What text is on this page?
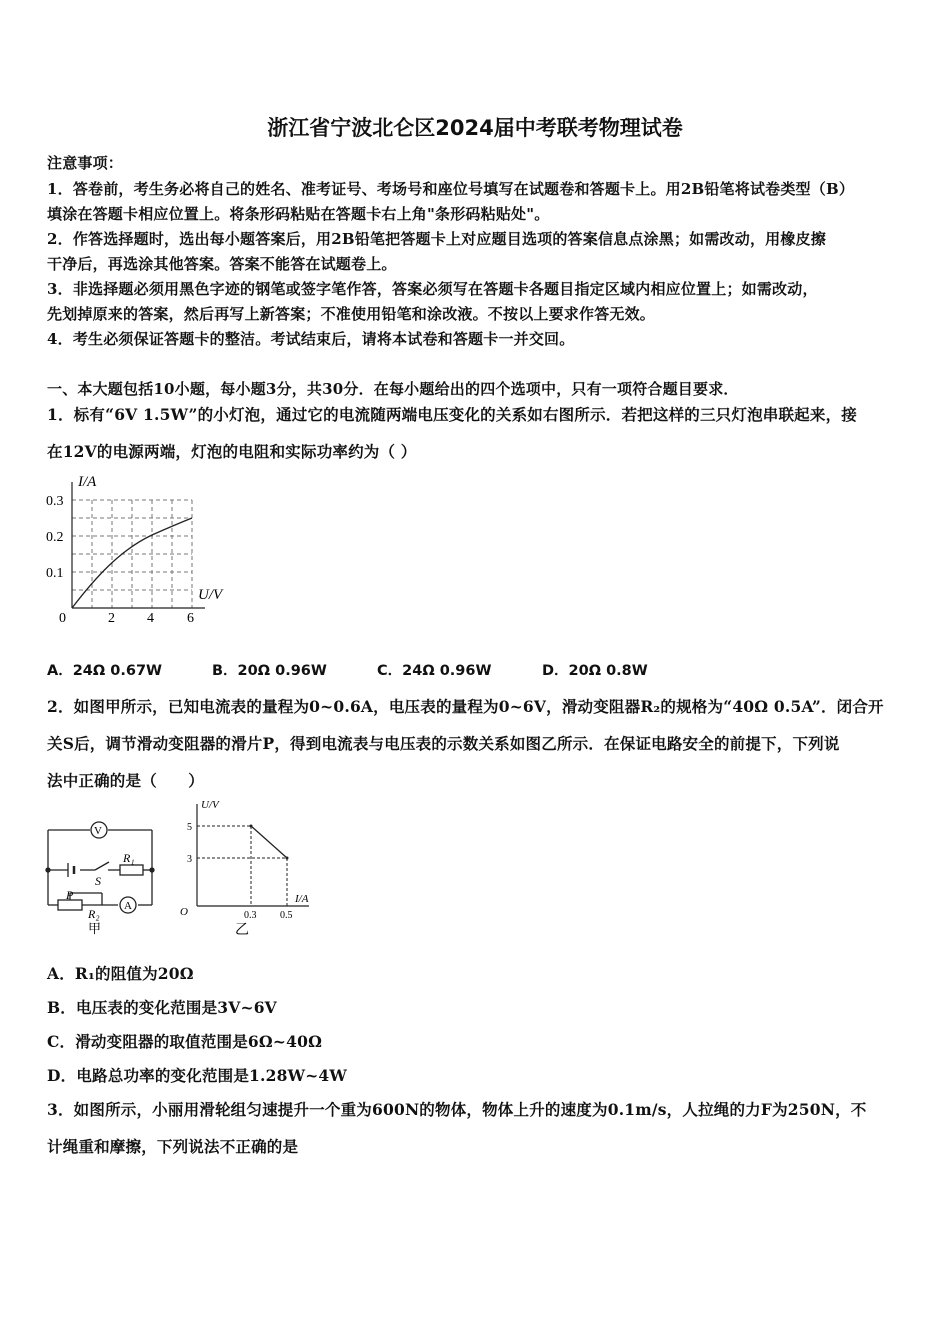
浙江省宁波北仑区2024届中考联考物理试卷
注意事项：
1．答卷前，考生务必将自己的姓名、准考证号、考场号和座位号填写在试题卷和答题卡上。用2B铅笔将试卷类型（B）
填涂在答题卡相应位置上。将条形码粘贴在答题卡右上角"条形码粘贴处"。
2．作答选择题时，选出每小题答案后，用2B铅笔把答题卡上对应题目选项的答案信息点涂黑；如需改动，用橡皮擦
干净后，再选涂其他答案。答案不能答在试题卷上。
3．非选择题必须用黑色字迹的钢笔或签字笔作答，答案必须写在答题卡各题目指定区域内相应位置上；如需改动，
先划掉原来的答案，然后再写上新答案；不准使用铅笔和涂改液。不按以上要求作答无效。
4．考生必须保证答题卡的整洁。考试结束后，请将本试卷和答题卡一并交回。
一、本大题包括10小题，每小题3分，共30分．在每小题给出的四个选项中，只有一项符合题目要求．
1．标有“6V 1.5W”的小灯泡，通过它的电流随两端电压变化的关系如右图所示．若把这样的三只灯泡串联起来，接
在12V的电源两端，灯泡的电阻和实际功率约为（ ）
I/A
U/V
0.3
0.2
0.1
0	2 4 6
A．24Ω 0.67W	B．20Ω 0.96W	C．24Ω 0.96W	D．20Ω 0.8W
2．如图甲所示，已知电流表的量程为0~0.6A，电压表的量程为0~6V，滑动变阻器R₂的规格为“40Ω 0.5A”．闭合开
关S后，调节滑动变阻器的滑片P，得到电流表与电压表的示数关系如图乙所示．在保证电路安全的前提下，下列说
法中正确的是（　　）
V
S
R₁
P
R₂
A
甲
U/V
I/A
5
3
0.3 0.5
O
乙
A．R₁的阻值为20Ω
B．电压表的变化范围是3V~6V
C．滑动变阻器的取值范围是6Ω~40Ω
D．电路总功率的变化范围是1.28W~4W
3．如图所示，小丽用滑轮组匀速提升一个重为600N的物体，物体上升的速度为0.1m/s，人拉绳的力F为250N，不
计绳重和摩擦，下列说法不正确的是
